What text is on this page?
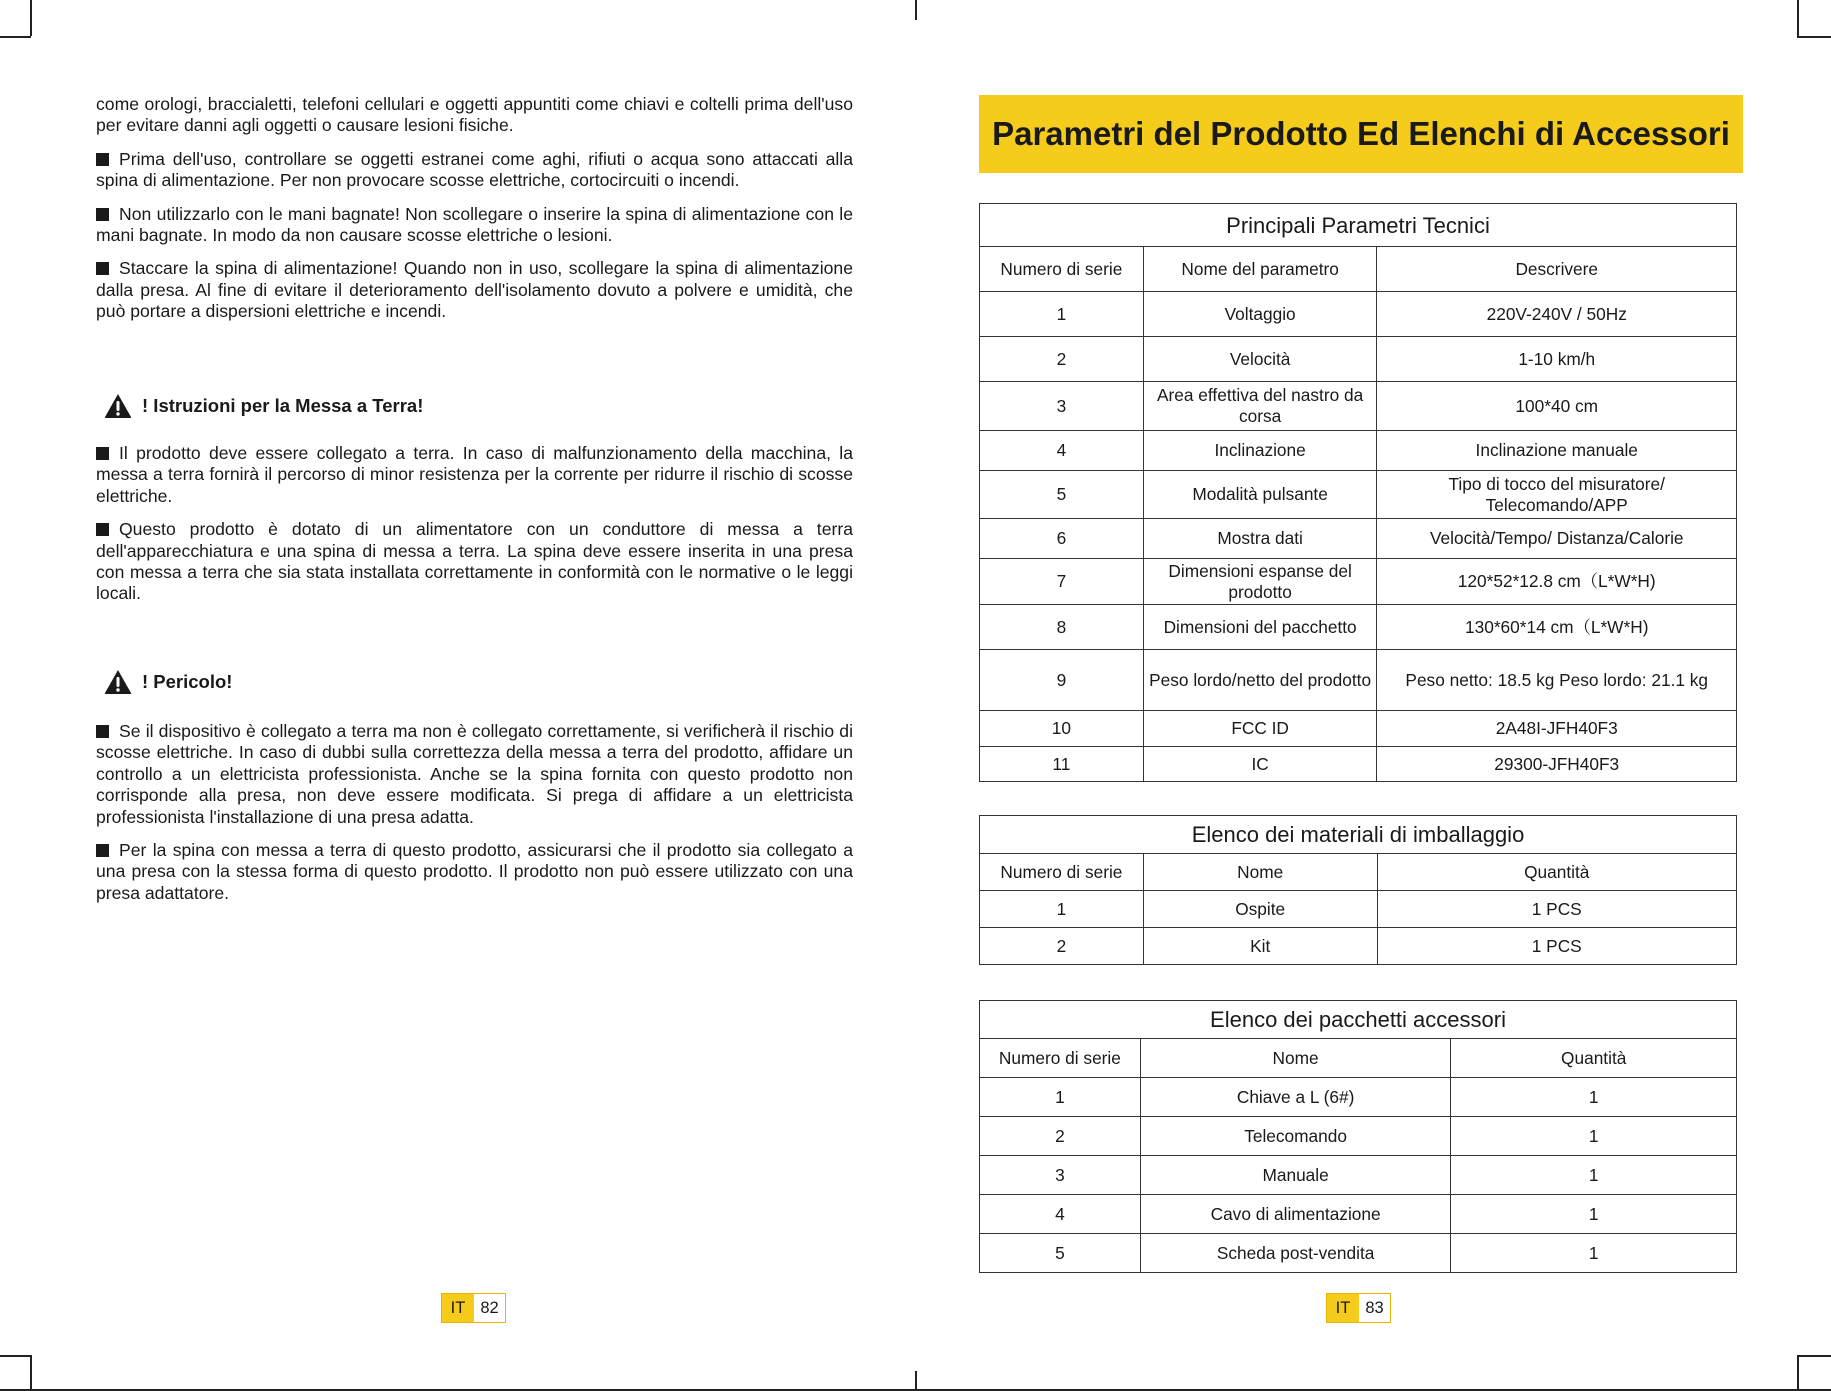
come orologi, braccialetti, telefoni cellulari e oggetti appuntiti come chiavi e coltelli prima dell'uso per evitare danni agli oggetti o causare lesioni fisiche.

Prima dell'uso, controllare se oggetti estranei come aghi, rifiuti o acqua sono attaccati alla spina di alimentazione. Per non provocare scosse elettriche, cortocircuiti o incendi.

Non utilizzarlo con le mani bagnate! Non scollegare o inserire la spina di alimentazione con le mani bagnate. In modo da non causare scosse elettriche o lesioni.

Staccare la spina di alimentazione! Quando non in uso, scollegare la spina di alimentazione dalla presa. Al fine di evitare il deterioramento dell'isolamento dovuto a polvere e umidità, che può portare a dispersioni elettriche e incendi.

! Istruzioni per la Messa a Terra!

Il prodotto deve essere collegato a terra. In caso di malfunzionamento della macchina, la messa a terra fornirà il percorso di minor resistenza per la corrente per ridurre il rischio di scosse elettriche.

Questo prodotto è dotato di un alimentatore con un conduttore di messa a terra dell'apparecchiatura e una spina di messa a terra. La spina deve essere inserita in una presa con messa a terra che sia stata installata correttamente in conformità con le normative o le leggi locali.

! Pericolo!

Se il dispositivo è collegato a terra ma non è collegato correttamente, si verificherà il rischio di scosse elettriche. In caso di dubbi sulla correttezza della messa a terra del prodotto, affidare un controllo a un elettricista professionista. Anche se la spina fornita con questo prodotto non corrisponde alla presa, non deve essere modificata. Si prega di affidare a un elettricista professionista l'installazione di una presa adatta.

Per la spina con messa a terra di questo prodotto, assicurarsi che il prodotto sia collegato a una presa con la stessa forma di questo prodotto. Il prodotto non può essere utilizzato con una presa adattatore.

IT 82
Parametri del Prodotto Ed Elenchi di Accessori
Principali Parametri Tecnici		
Numero di serie	Nome del parametro	Descrivere
1	Voltaggio	220V-240V / 50Hz
2	Velocità	1-10 km/h
3	Area effettiva del nastro da corsa	100*40 cm
4	Inclinazione	Inclinazione manuale
5	Modalità pulsante	Tipo di tocco del misuratore/ Telecomando/APP
6	Mostra dati	Velocità/Tempo/ Distanza/Calorie
7	Dimensioni espanse del prodotto	120*52*12.8 cm（L*W*H)
8	Dimensioni del pacchetto	130*60*14 cm（L*W*H)
9	Peso lordo/netto del prodotto	Peso netto: 18.5 kg Peso lordo: 21.1 kg
10	FCC ID	2A48I-JFH40F3
11	IC	29300-JFH40F3
Elenco dei materiali di imballaggio		
Numero di serie	Nome	Quantità
1	Ospite	1 PCS
2	Kit	1 PCS
Elenco dei pacchetti accessori		
Numero di serie	Nome	Quantità
1	Chiave a L (6#)	1
2	Telecomando	1
3	Manuale	1
4	Cavo di alimentazione	1
5	Scheda post-vendita	1
IT 83
